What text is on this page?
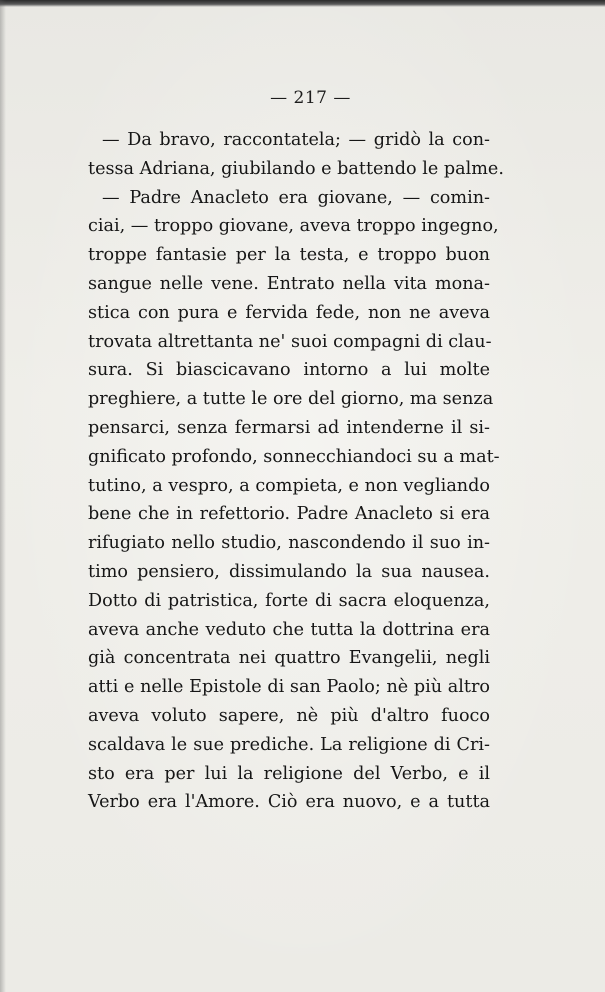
— 217 —
— Da bravo, raccontatela; — gridò la con-
tessa Adriana, giubilando e battendo le palme.
— Padre Anacleto era giovane, — comin-
ciai, — troppo giovane, aveva troppo ingegno,
troppe fantasie per la testa, e troppo buon
sangue nelle vene. Entrato nella vita mona-
stica con pura e fervida fede, non ne aveva
trovata altrettanta ne' suoi compagni di clau-
sura. Si biascicavano intorno a lui molte
preghiere, a tutte le ore del giorno, ma senza
pensarci, senza fermarsi ad intenderne il si-
gnificato profondo, sonnecchiandoci su a mat-
tutino, a vespro, a compieta, e non vegliando
bene che in refettorio. Padre Anacleto si era
rifugiato nello studio, nascondendo il suo in-
timo pensiero, dissimulando la sua nausea.
Dotto di patristica, forte di sacra eloquenza,
aveva anche veduto che tutta la dottrina era
già concentrata nei quattro Evangelii, negli
atti e nelle Epistole di san Paolo; nè più altro
aveva voluto sapere, nè più d'altro fuoco
scaldava le sue prediche. La religione di Cri-
sto era per lui la religione del Verbo, e il
Verbo era l'Amore. Ciò era nuovo, e a tutta
